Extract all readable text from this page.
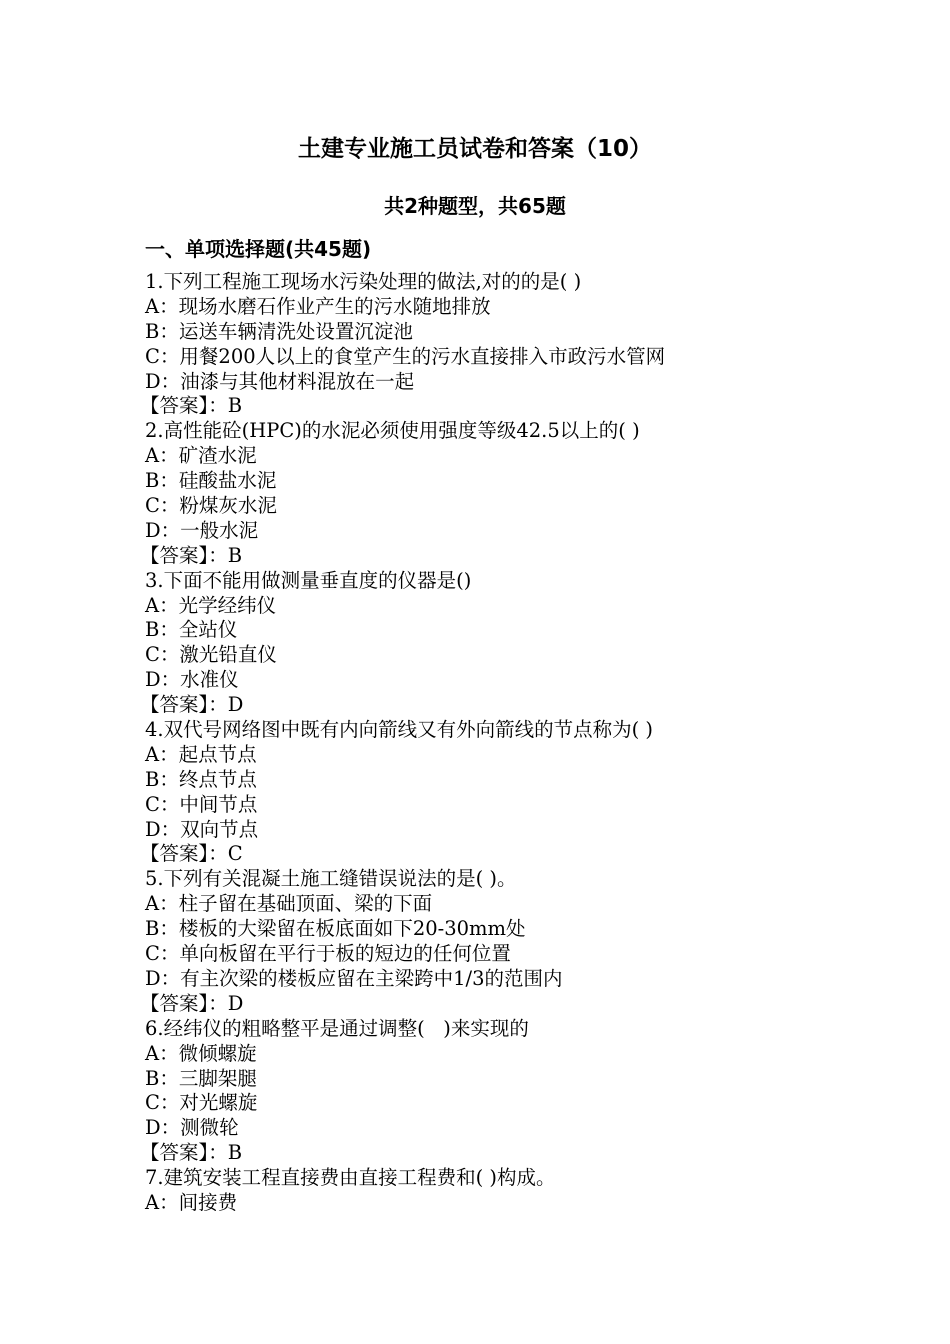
土建专业施工员试卷和答案（10）
共2种题型，共65题
一、单项选择题(共45题)
1.下列工程施工现场水污染处理的做法,对的的是( )
A：现场水磨石作业产生的污水随地排放
B：运送车辆清洗处设置沉淀池
C：用餐200人以上的食堂产生的污水直接排入市政污水管网
D：油漆与其他材料混放在一起
【答案】：B
2.高性能砼(HPC)的水泥必须使用强度等级42.5以上的( )
A：矿渣水泥
B：硅酸盐水泥
C：粉煤灰水泥
D：一般水泥
【答案】：B
3.下面不能用做测量垂直度的仪器是()
A：光学经纬仪
B：全站仪
C：激光铅直仪
D：水准仪
【答案】：D
4.双代号网络图中既有内向箭线又有外向箭线的节点称为( )
A：起点节点
B：终点节点
C：中间节点
D：双向节点
【答案】：C
5.下列有关混凝土施工缝错误说法的是( )。
A：柱子留在基础顶面、梁的下面
B：楼板的大梁留在板底面如下20-30mm处
C：单向板留在平行于板的短边的任何位置
D：有主次梁的楼板应留在主梁跨中1/3的范围内
【答案】：D
6.经纬仪的粗略整平是通过调整(   )来实现的
A：微倾螺旋
B：三脚架腿
C：对光螺旋
D：测微轮
【答案】：B
7.建筑安装工程直接费由直接工程费和( )构成。
A：间接费
